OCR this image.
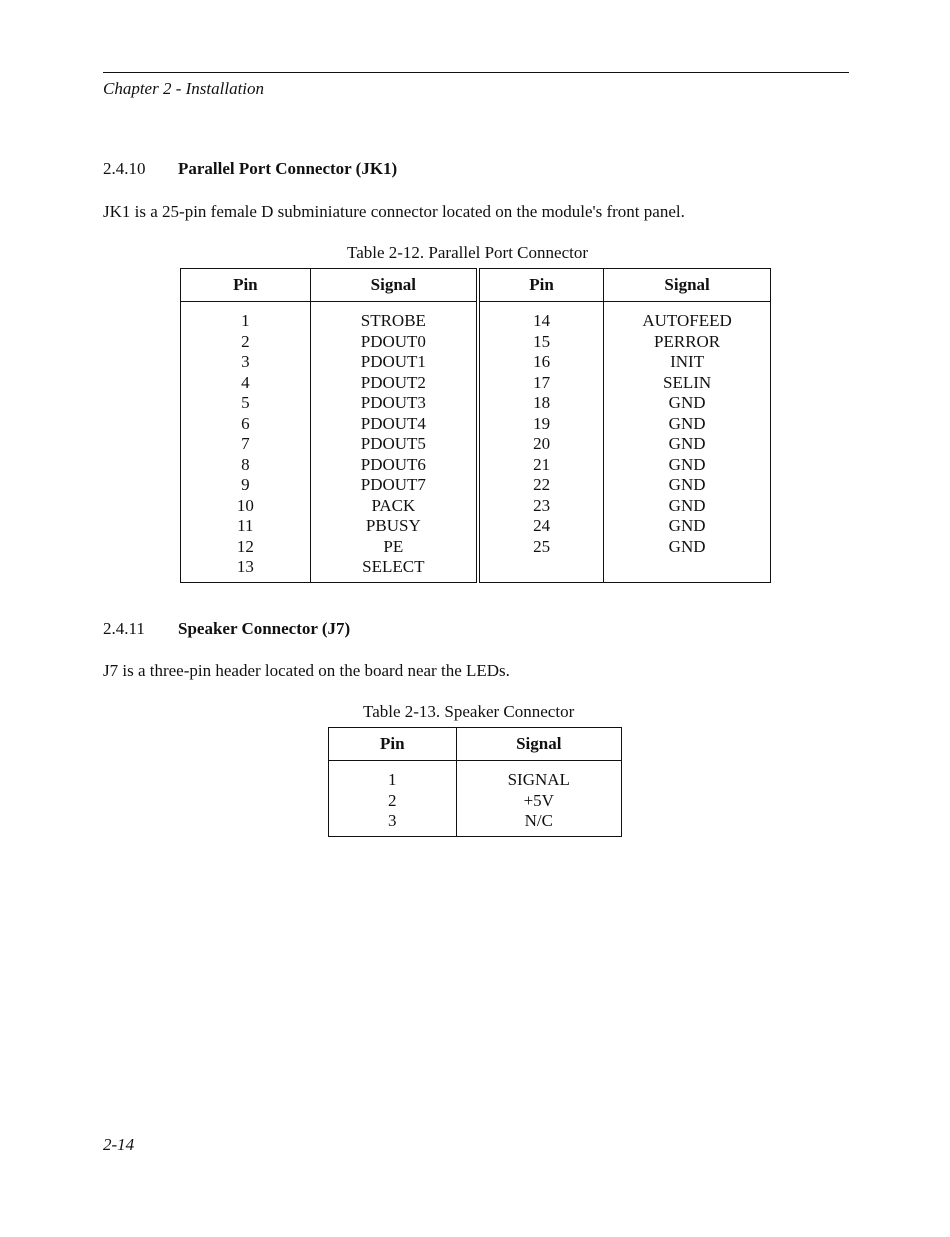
Chapter 2 - Installation
2.4.10 Parallel Port Connector (JK1)
JK1 is a 25-pin female D subminiature connector located on the module's front panel.
Table 2-12. Parallel Port Connector
Pin	Signal	Pin	Signal
1	STROBE	14	AUTOFEED
2	PDOUT0	15	PERROR
3	PDOUT1	16	INIT
4	PDOUT2	17	SELIN
5	PDOUT3	18	GND
6	PDOUT4	19	GND
7	PDOUT5	20	GND
8	PDOUT6	21	GND
9	PDOUT7	22	GND
10	PACK	23	GND
11	PBUSY	24	GND
12	PE	25	GND
13	SELECT		
2.4.11 Speaker Connector (J7)
J7 is a three-pin header located on the board near the LEDs.
Table 2-13. Speaker Connector
Pin	Signal
1	SIGNAL
2	+5V
3	N/C
2-14
